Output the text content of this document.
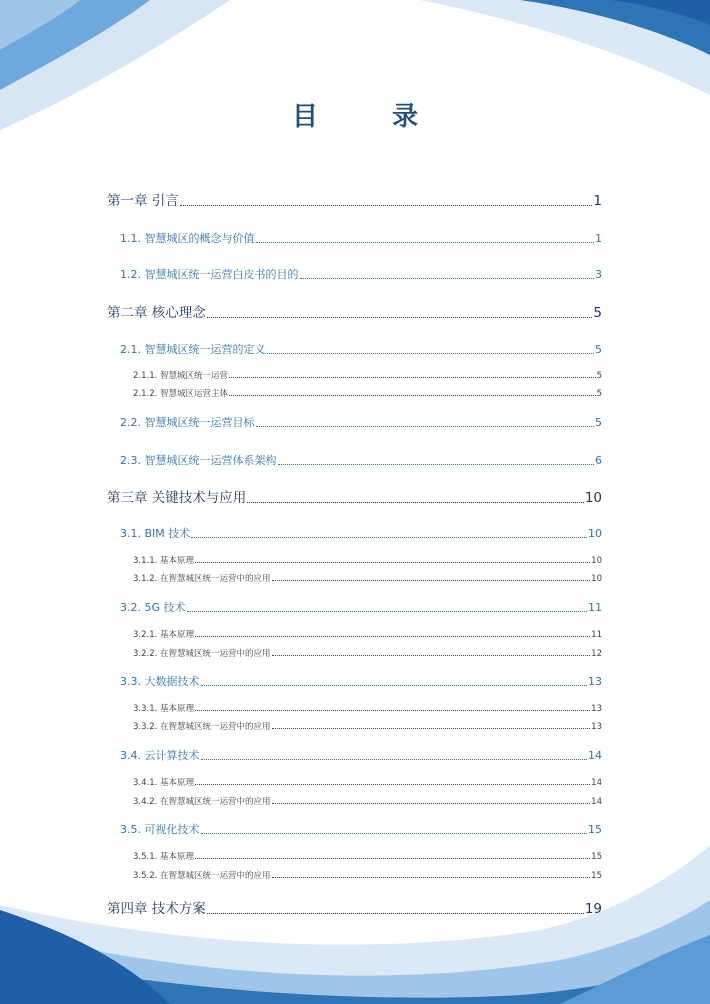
目　录
第一章 引言	1
1.1. 智慧城区的概念与价值	1
1.2. 智慧城区统一运营白皮书的目的	3
第二章 核心理念	5
2.1. 智慧城区统一运营的定义	5
2.1.1. 智慧城区统一运营	5
2.1.2. 智慧城区运营主体	5
2.2. 智慧城区统一运营目标	5
2.3. 智慧城区统一运营体系架构	6
第三章 关键技术与应用	10
3.1. BIM 技术	10
3.1.1. 基本原理	10
3.1.2. 在智慧城区统一运营中的应用	10
3.2. 5G 技术	11
3.2.1. 基本原理	11
3.2.2. 在智慧城区统一运营中的应用	12
3.3. 大数据技术	13
3.3.1. 基本原理	13
3.3.2. 在智慧城区统一运营中的应用	13
3.4. 云计算技术	14
3.4.1. 基本原理	14
3.4.2. 在智慧城区统一运营中的应用	14
3.5. 可视化技术	15
3.5.1. 基本原理	15
3.5.2. 在智慧城区统一运营中的应用	15
第四章 技术方案	19
